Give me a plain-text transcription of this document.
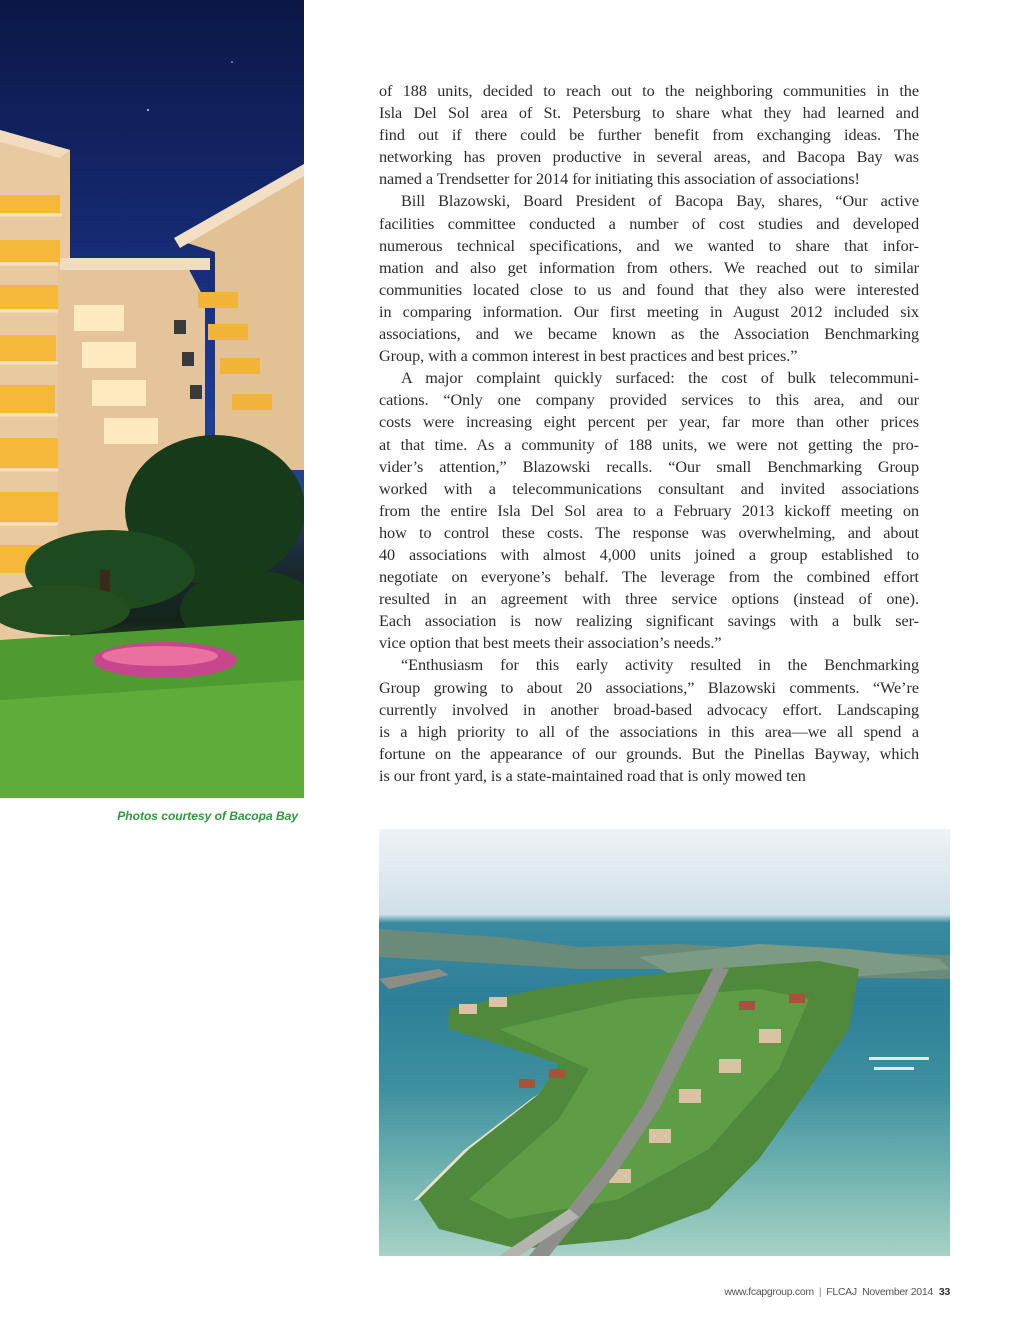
Photos courtesy of Bacopa Bay
of 188 units, decided to reach out to the neighboring communities in the
Isla Del Sol area of St. Petersburg to share what they had learned and
find out if there could be further benefit from exchanging ideas. The
networking has proven productive in several areas, and Bacopa Bay was
named a Trendsetter for 2014 for initiating this association of associations!
Bill Blazowski, Board President of Bacopa Bay, shares, “Our active
facilities committee conducted a number of cost studies and developed
numerous technical specifications, and we wanted to share that infor-
mation and also get information from others. We reached out to similar
communities located close to us and found that they also were interested
in comparing information. Our first meeting in August 2012 included six
associations, and we became known as the Association Benchmarking
Group, with a common interest in best practices and best prices.”
A major complaint quickly surfaced: the cost of bulk telecommuni-
cations. “Only one company provided services to this area, and our
costs were increasing eight percent per year, far more than other prices
at that time. As a community of 188 units, we were not getting the pro-
vider’s attention,” Blazowski recalls. “Our small Benchmarking Group
worked with a telecommunications consultant and invited associations
from the entire Isla Del Sol area to a February 2013 kickoff meeting on
how to control these costs. The response was overwhelming, and about
40 associations with almost 4,000 units joined a group established to
negotiate on everyone’s behalf. The leverage from the combined effort
resulted in an agreement with three service options (instead of one).
Each association is now realizing significant savings with a bulk ser-
vice option that best meets their association’s needs.”
“Enthusiasm for this early activity resulted in the Benchmarking
Group growing to about 20 associations,” Blazowski comments. “We’re
currently involved in another broad-based advocacy effort. Landscaping
is a high priority to all of the associations in this area—we all spend a
fortune on the appearance of our grounds. But the Pinellas Bayway, which
is our front yard, is a state-maintained road that is only mowed ten
www.fcapgroup.com | FLCAJ November 2014 33
